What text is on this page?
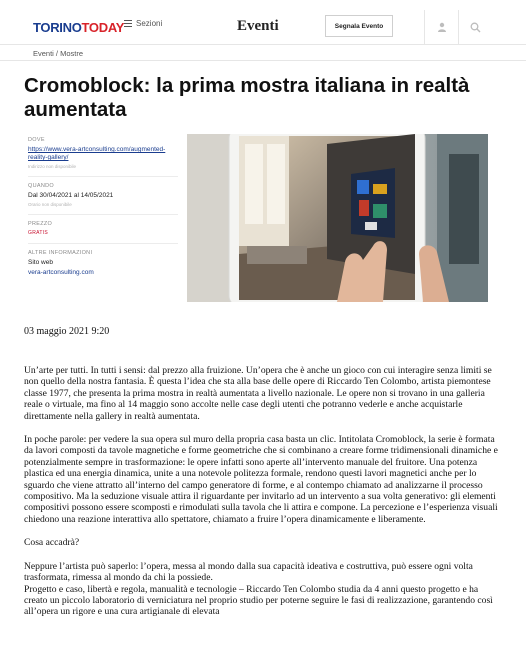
TORINOTODAY Sezioni	Eventi	Segnala Evento
Eventi / Mostre
Cromoblock: la prima mostra italiana in realtà aumentata
DOVE
https://www.vera-artconsulting.com/augmented-reality-gallery/
Indirizzo non disponibile
QUANDO
Dal 30/04/2021 al 14/05/2021
Orario non disponibile
PREZZO
GRATIS
ALTRE INFORMAZIONI
Sito web
vera-artconsulting.com
03 maggio 2021 9:20

Un’arte per tutti. In tutti i sensi: dal prezzo alla fruizione. Un’opera che è anche un gioco con cui interagire senza limiti se non quello della nostra fantasia. È questa l’idea che sta alla base delle opere di Riccardo Ten Colombo, artista piemontese classe 1977, che presenta la prima mostra in realtà aumentata a livello nazionale. Le opere non si trovano in una galleria reale o virtuale, ma fino al 14 maggio sono accolte nelle case degli utenti che potranno vederle e anche acquistarle direttamente nella gallery in realtà aumentata.

In poche parole: per vedere la sua opera sul muro della propria casa basta un clic. Intitolata Cromoblock, la serie è formata da lavori composti da tavole magnetiche e forme geometriche che si combinano a creare forme tridimensionali dinamiche e potenzialmente sempre in trasformazione: le opere infatti sono aperte all’intervento manuale del fruitore. Una potenza plastica ed una energia dinamica, unite a una notevole politezza formale, rendono questi lavori magnetici anche per lo sguardo che viene attratto all’interno del campo generatore di forme, e al contempo chiamato ad analizzarne il processo compositivo. Ma la seduzione visuale attira il riguardante per invitarlo ad un intervento a sua volta generativo: gli elementi compositivi possono essere scomposti e rimodulati sulla tavola che li attira e compone. La percezione e l’esperienza visuali chiedono una reazione interattiva allo spettatore, chiamato a fruire l’opera dinamicamente e liberamente.

Cosa accadrà?

Neppure l’artista può saperlo: l’opera, messa al mondo dalla sua capacità ideativa e costruttiva, può essere ogni volta trasformata, rimessa al mondo da chi la possiede.

Progetto e caso, libertà e regola, manualità e tecnologie – Riccardo Ten Colombo studia da 4 anni questo progetto e ha creato un piccolo laboratorio di verniciatura nel proprio studio per poterne seguire le fasi di realizzazione, garantendo così all’opera un rigore e una cura artigianale di elevata
